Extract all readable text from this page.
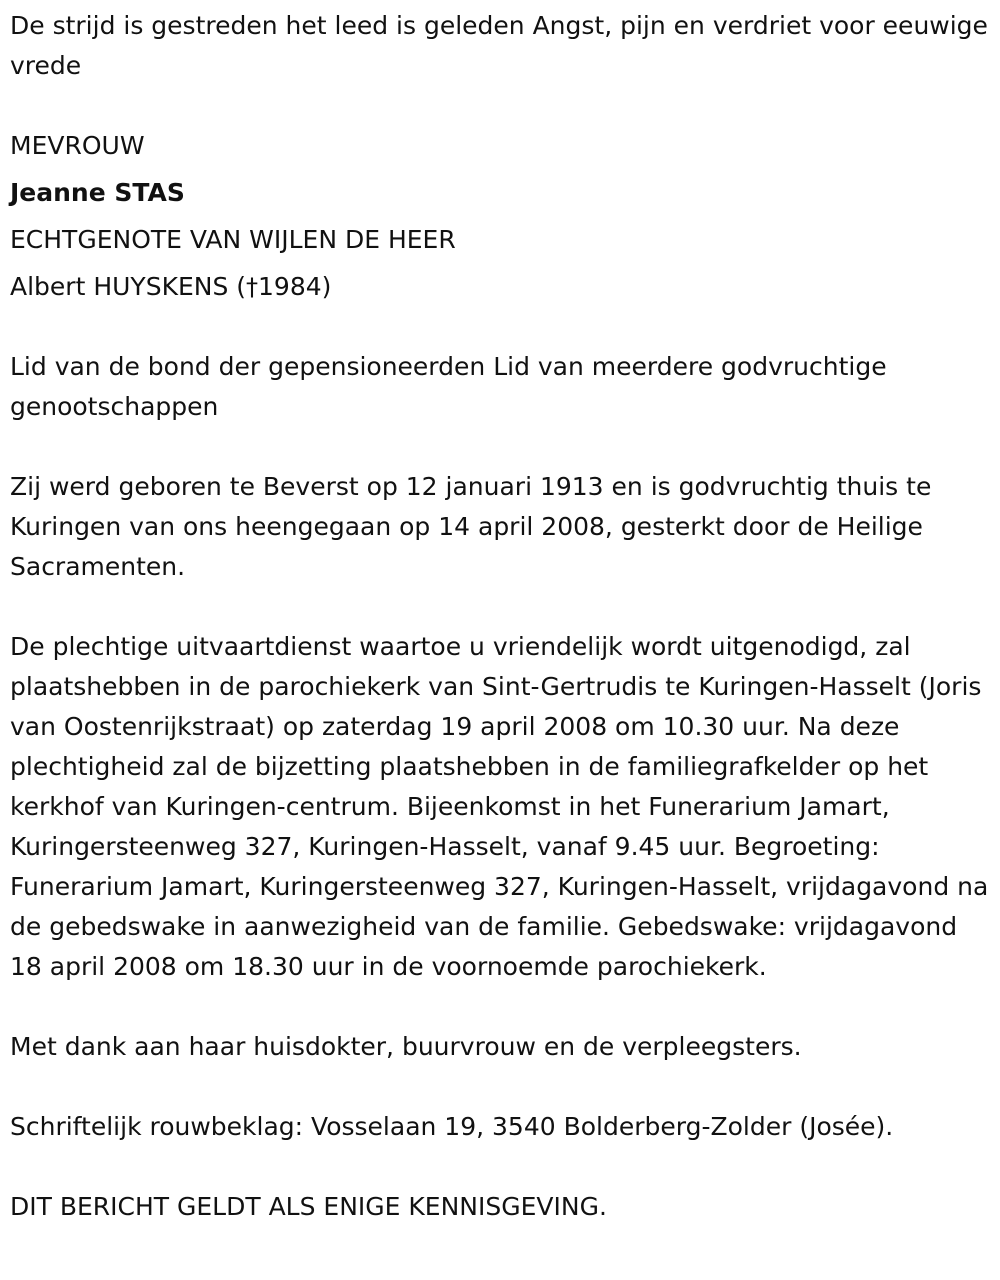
De strijd is gestreden het leed is geleden Angst, pijn en verdriet voor eeuwige vrede

MEVROUW

Jeanne STAS

ECHTGENOTE VAN WIJLEN DE HEER

Albert HUYSKENS (†1984)

Lid van de bond der gepensioneerden Lid van meerdere godvruchtige genootschappen

Zij werd geboren te Beverst op 12 januari 1913 en is godvruchtig thuis te Kuringen van ons heengegaan op 14 april 2008, gesterkt door de Heilige Sacramenten.

De plechtige uitvaartdienst waartoe u vriendelijk wordt uitgenodigd, zal plaatshebben in de parochiekerk van Sint-Gertrudis te Kuringen-Hasselt (Joris van Oostenrijkstraat) op zaterdag 19 april 2008 om 10.30 uur. Na deze plechtigheid zal de bijzetting plaatshebben in de familiegrafkelder op het kerkhof van Kuringen-centrum. Bijeenkomst in het Funerarium Jamart, Kuringersteenweg 327, Kuringen-Hasselt, vanaf 9.45 uur. Begroeting: Funerarium Jamart, Kuringersteenweg 327, Kuringen-Hasselt, vrijdagavond na de gebedswake in aanwezigheid van de familie. Gebedswake: vrijdagavond 18 april 2008 om 18.30 uur in de voornoemde parochiekerk.

Met dank aan haar huisdokter, buurvrouw en de verpleegsters.

Schriftelijk rouwbeklag: Vosselaan 19, 3540 Bolderberg-Zolder (Josée).

DIT BERICHT GELDT ALS ENIGE KENNISGEVING.
